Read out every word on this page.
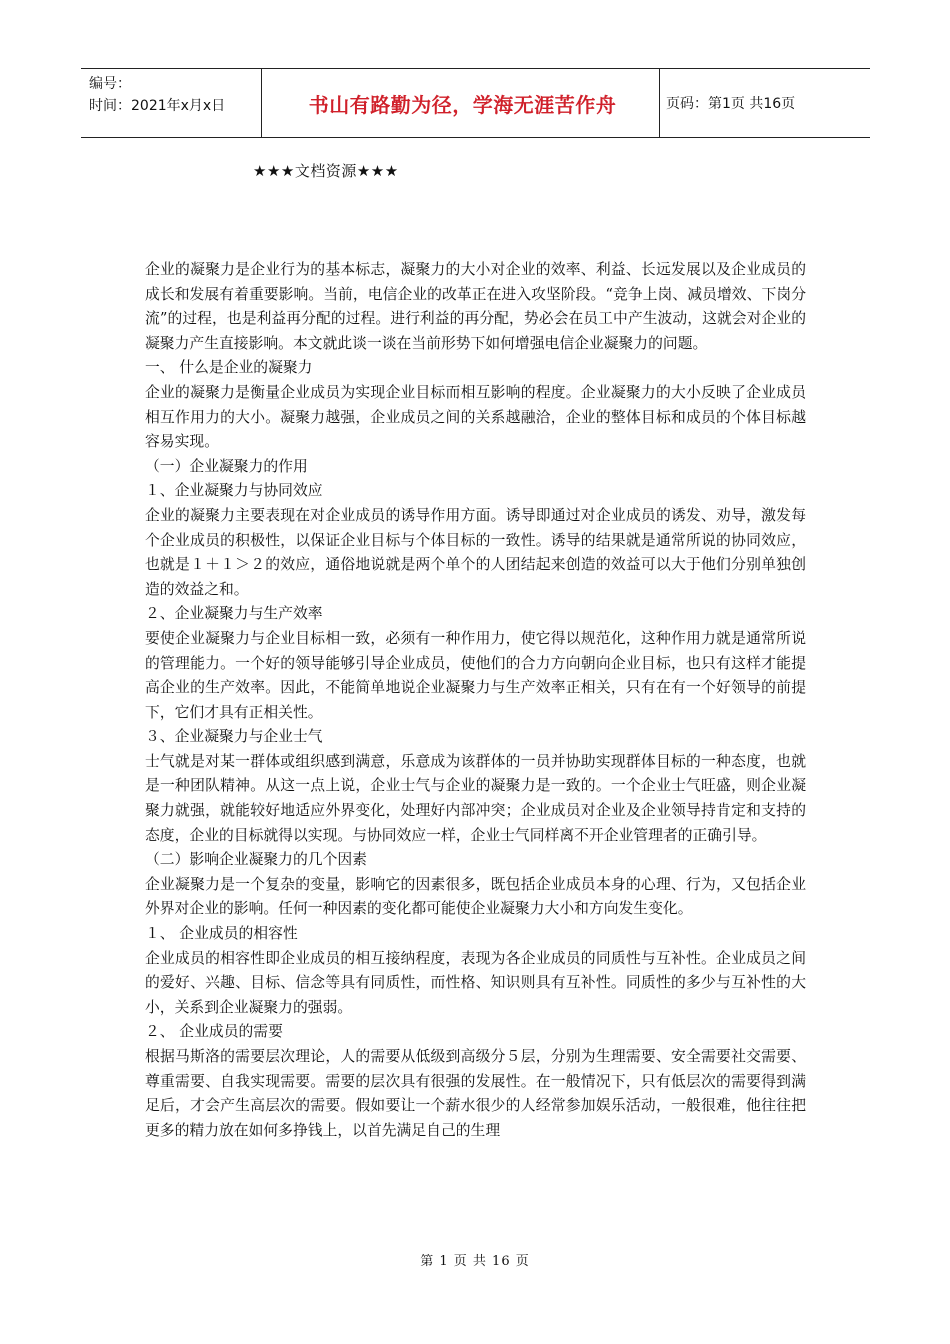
编号：
时间：2021年x月x日	书山有路勤为径，学海无涯苦作舟	页码：第1页 共16页
★★★文档资源★★★

企业的凝聚力是企业行为的基本标志，凝聚力的大小对企业的效率、利益、长远发展以及企业成员的成长和发展有着重要影响。当前，电信企业的改革正在进入攻坚阶段。“竞争上岗、减员增效、下岗分流”的过程，也是利益再分配的过程。进行利益的再分配，势必会在员工中产生波动，这就会对企业的凝聚力产生直接影响。本文就此谈一谈在当前形势下如何增强电信企业凝聚力的问题。

一、 什么是企业的凝聚力

企业的凝聚力是衡量企业成员为实现企业目标而相互影响的程度。企业凝聚力的大小反映了企业成员相互作用力的大小。凝聚力越强，企业成员之间的关系越融洽，企业的整体目标和成员的个体目标越容易实现。

（一）企业凝聚力的作用

１、企业凝聚力与协同效应

企业的凝聚力主要表现在对企业成员的诱导作用方面。诱导即通过对企业成员的诱发、劝导，激发每个企业成员的积极性，以保证企业目标与个体目标的一致性。诱导的结果就是通常所说的协同效应，也就是１＋１＞２的效应，通俗地说就是两个单个的人团结起来创造的效益可以大于他们分别单独创造的效益之和。

２、企业凝聚力与生产效率

要使企业凝聚力与企业目标相一致，必须有一种作用力，使它得以规范化，这种作用力就是通常所说的管理能力。一个好的领导能够引导企业成员，使他们的合力方向朝向企业目标，也只有这样才能提高企业的生产效率。因此，不能简单地说企业凝聚力与生产效率正相关，只有在有一个好领导的前提下，它们才具有正相关性。

３、企业凝聚力与企业士气

士气就是对某一群体或组织感到满意，乐意成为该群体的一员并协助实现群体目标的一种态度，也就是一种团队精神。从这一点上说，企业士气与企业的凝聚力是一致的。一个企业士气旺盛，则企业凝聚力就强，就能较好地适应外界变化，处理好内部冲突；企业成员对企业及企业领导持肯定和支持的态度，企业的目标就得以实现。与协同效应一样，企业士气同样离不开企业管理者的正确引导。

（二）影响企业凝聚力的几个因素

企业凝聚力是一个复杂的变量，影响它的因素很多，既包括企业成员本身的心理、行为，又包括企业外界对企业的影响。任何一种因素的变化都可能使企业凝聚力大小和方向发生变化。

１、 企业成员的相容性

企业成员的相容性即企业成员的相互接纳程度，表现为各企业成员的同质性与互补性。企业成员之间的爱好、兴趣、目标、信念等具有同质性，而性格、知识则具有互补性。同质性的多少与互补性的大小，关系到企业凝聚力的强弱。

２、 企业成员的需要

根据马斯洛的需要层次理论，人的需要从低级到高级分５层，分别为生理需要、安全需要社交需要、尊重需要、自我实现需要。需要的层次具有很强的发展性。在一般情况下，只有低层次的需要得到满足后，才会产生高层次的需要。假如要让一个薪水很少的人经常参加娱乐活动，一般很难，他往往把更多的精力放在如何多挣钱上，以首先满足自己的生理

第 1 页 共 16 页
